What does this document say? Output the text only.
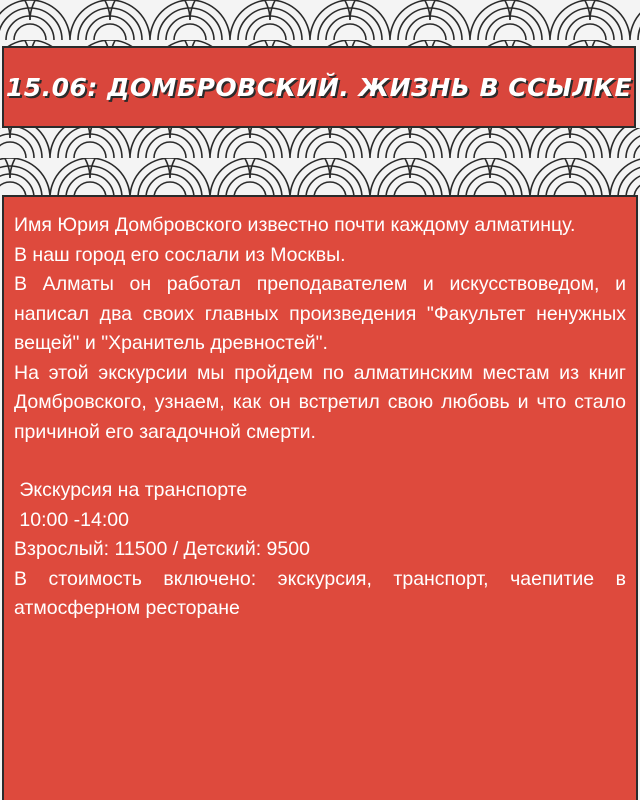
15.06: ДОМБРОВСКИЙ. ЖИЗНЬ В ССЫЛКЕ

Имя Юрия Домбровского известно почти каждому алматинцу.

В наш город его сослали из Москвы.

В Алматы он работал преподавателем и искусствоведом, и написал два своих главных произведения "Факультет ненужных вещей" и "Хранитель древностей".

На этой экскурсии мы пройдем по алматинским местам из книг Домбровского, узнаем, как он встретил свою любовь и что стало причиной его загадочной смерти.

Экскурсия на транспорте

10:00 -14:00

Взрослый: 11500 / Детский: 9500

В стоимость включено: экскурсия, транспорт, чаепитие в атмосферном ресторане
